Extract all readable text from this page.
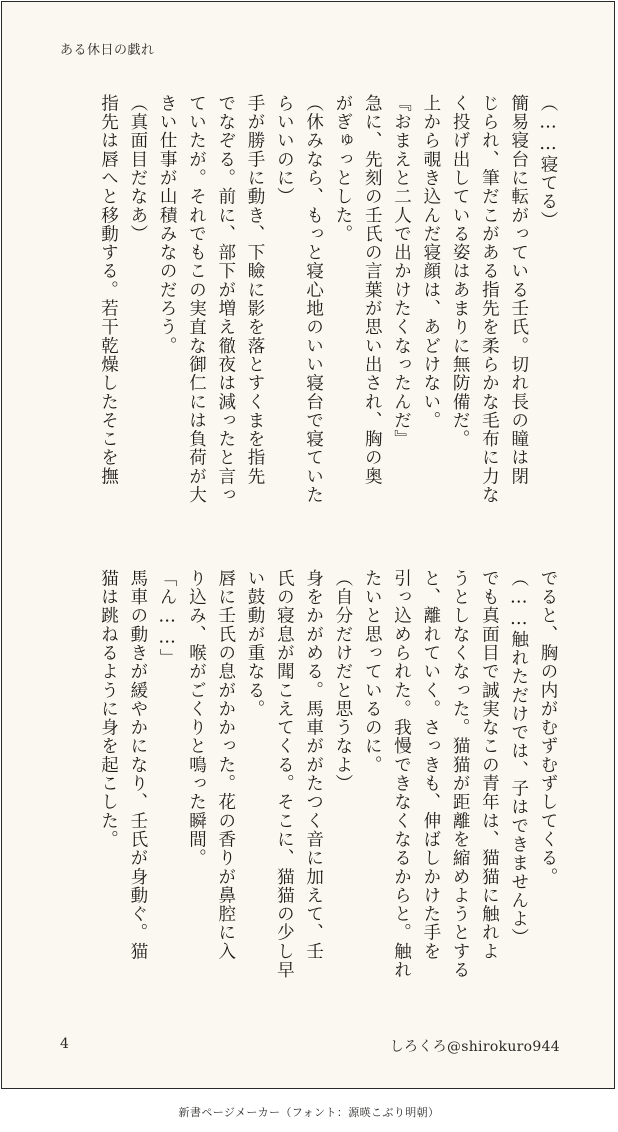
ある休日の戯れ

（……寝てる）
簡易寝台に転がっている壬氏。切れ長の瞳は閉
じられ、筆だこがある指先を柔らかな毛布に力な
く投げ出している姿はあまりに無防備だ。
上から覗き込んだ寝顔は、あどけない。
『おまえと二人で出かけたくなったんだ』
急に、先刻の壬氏の言葉が思い出され、胸の奥
がぎゅっとした。
（休みなら、もっと寝心地のいい寝台で寝ていた
らいいのに）
手が勝手に動き、下瞼に影を落とすくまを指先
でなぞる。前に、部下が増え徹夜は減ったと言っ
ていたが。それでもこの実直な御仁には負荷が大
きい仕事が山積みなのだろう。
（真面目だなあ）
指先は唇へと移動する。若干乾燥したそこを撫

でると、胸の内がむずむずしてくる。
（……触れただけでは、子はできませんよ）
でも真面目で誠実なこの青年は、猫猫に触れよ
うとしなくなった。猫猫が距離を縮めようとする
と、離れていく。さっきも、伸ばしかけた手を
引っ込められた。我慢できなくなるからと。触れ
たいと思っているのに。
（自分だけだと思うなよ）
身をかがめる。馬車ががたつく音に加えて、壬
氏の寝息が聞こえてくる。そこに、猫猫の少し早
い鼓動が重なる。
唇に壬氏の息がかかった。花の香りが鼻腔に入
り込み、喉がごくりと鳴った瞬間。
「ん……」
馬車の動きが緩やかになり、壬氏が身動ぐ。猫
猫は跳ねるように身を起こした。

4	しろくろ@shirokuro944
新書ページメーカー（フォント：源暎こぶり明朝）
